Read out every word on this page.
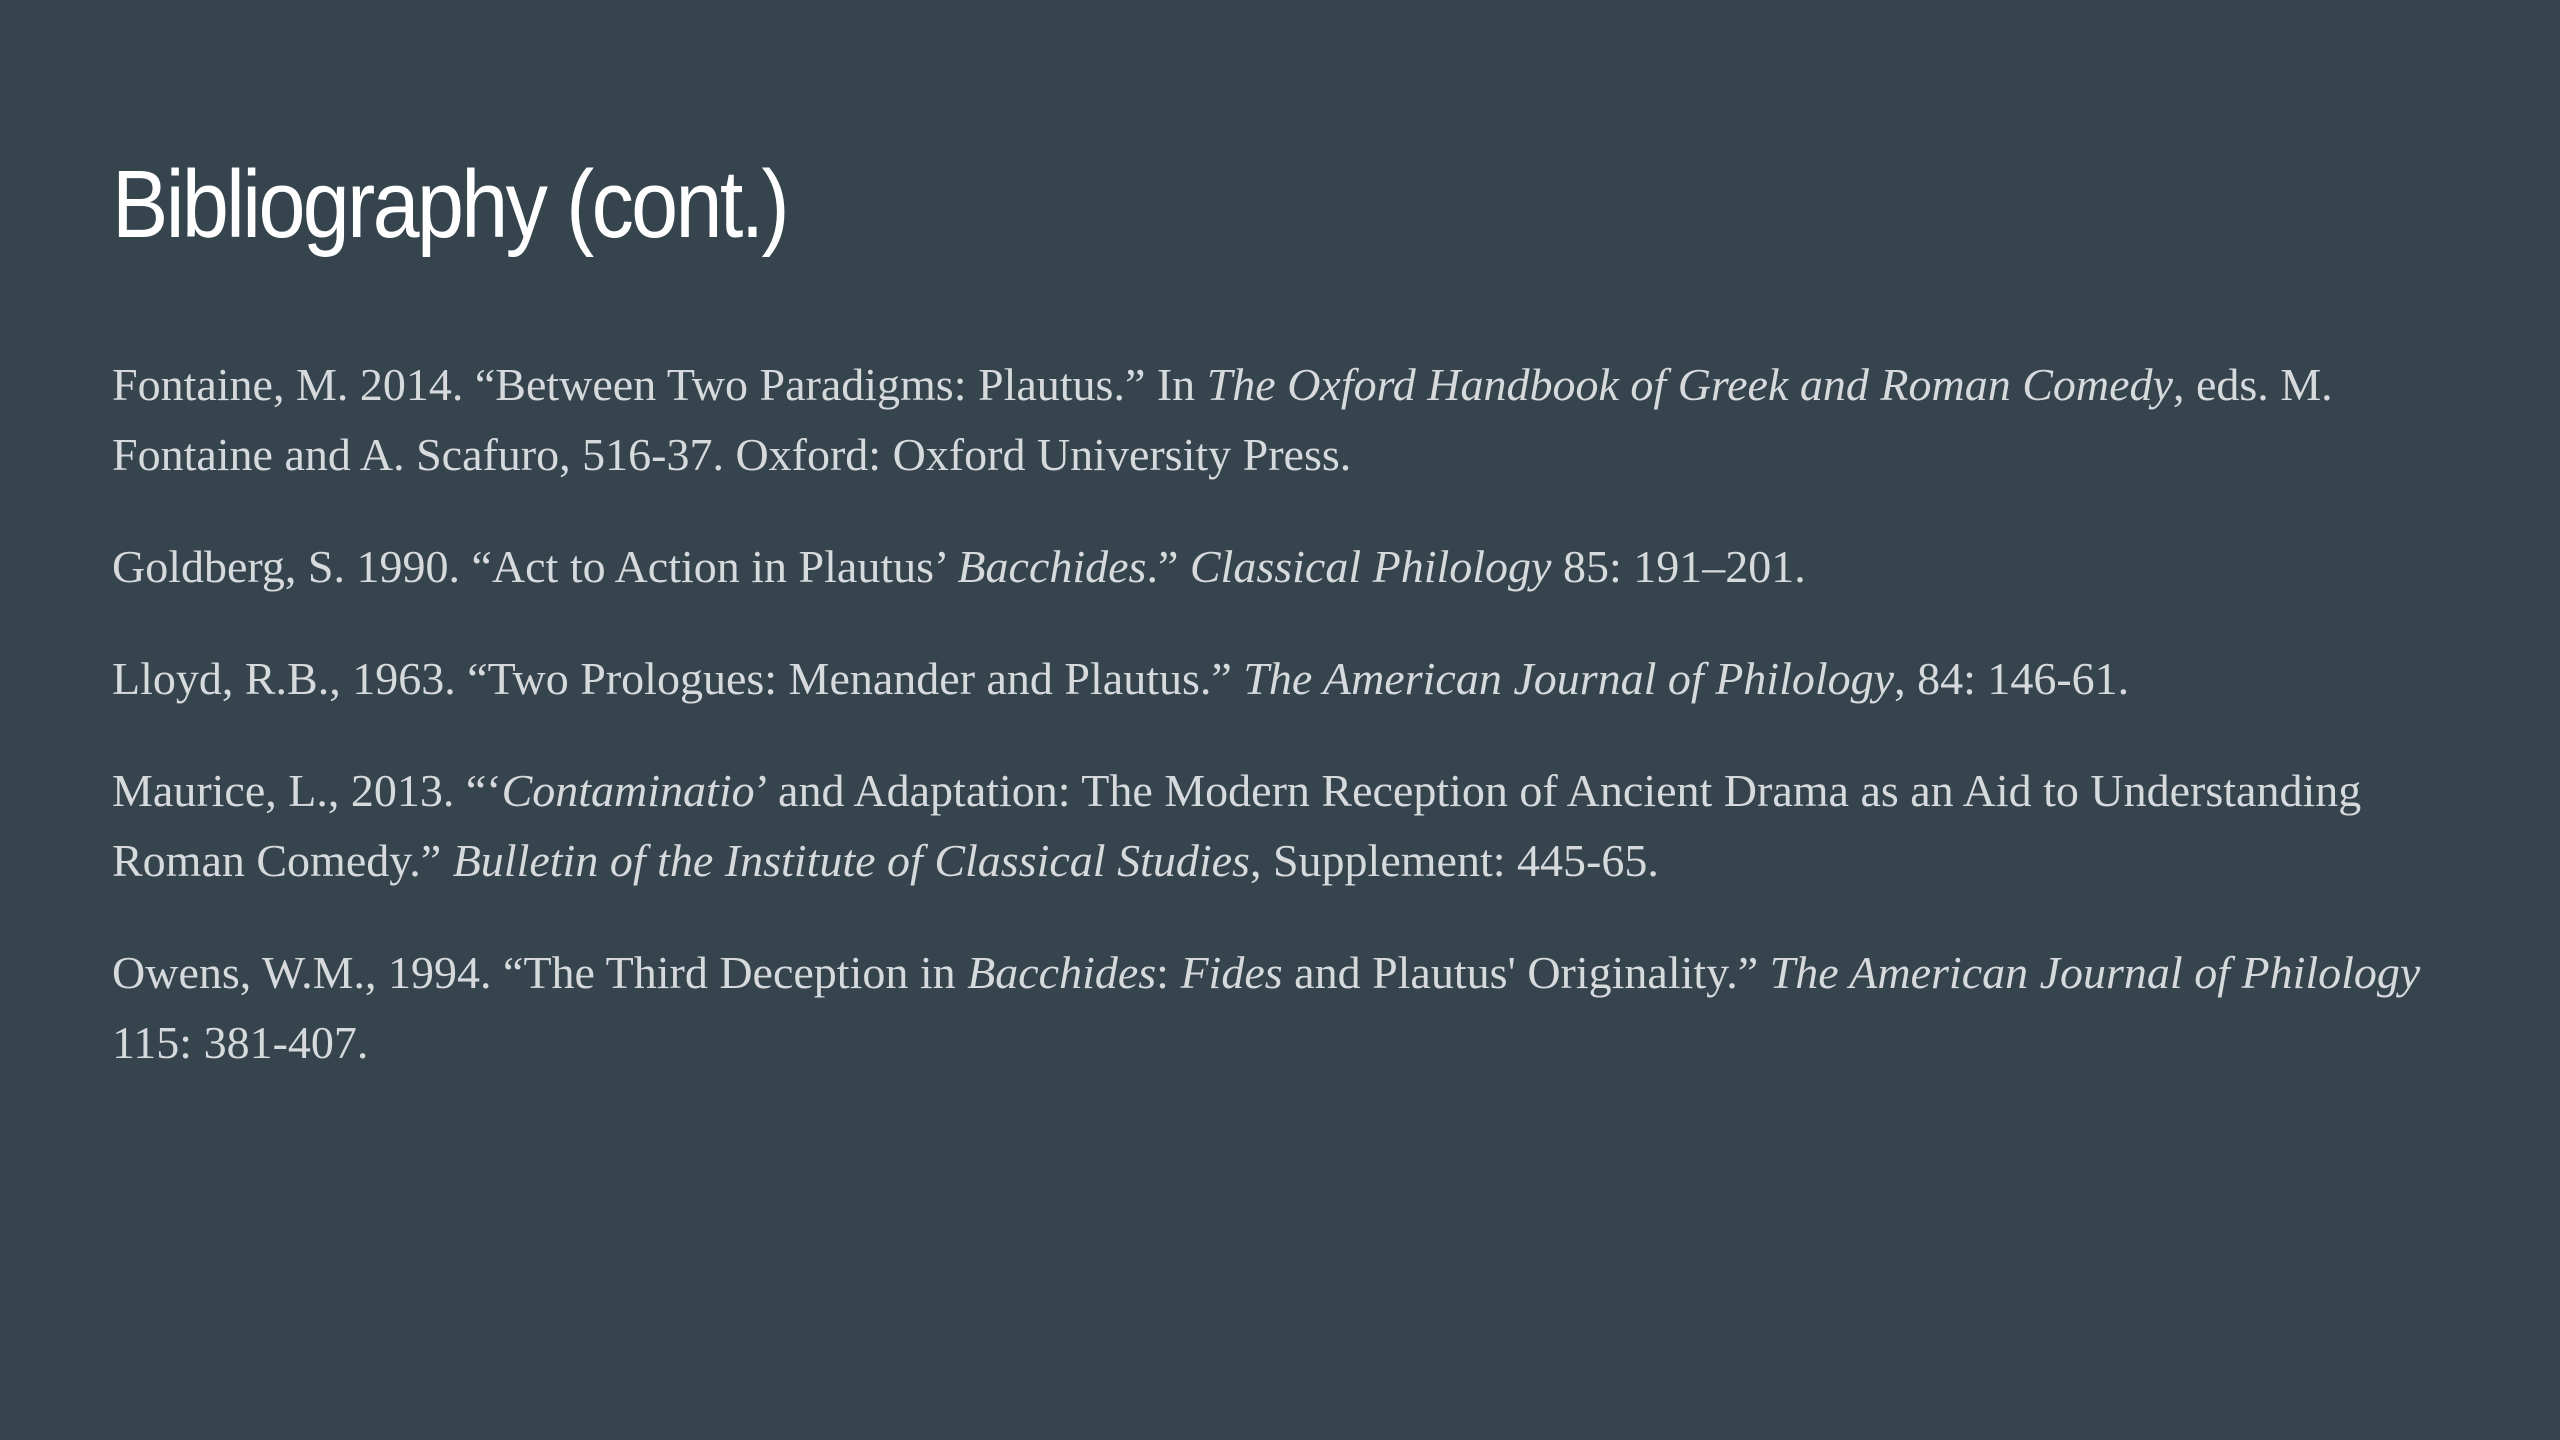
Bibliography (cont.)
Fontaine, M. 2014. “Between Two Paradigms: Plautus.” In The Oxford Handbook of Greek and Roman Comedy, eds. M. Fontaine and A. Scafuro, 516-37. Oxford: Oxford University Press.
Goldberg, S. 1990. “Act to Action in Plautus’ Bacchides.” Classical Philology 85: 191–201.
Lloyd, R.B., 1963. “Two Prologues: Menander and Plautus.” The American Journal of Philology, 84: 146-61.
Maurice, L., 2013. “‘Contaminatio’ and Adaptation: The Modern Reception of Ancient Drama as an Aid to Understanding Roman Comedy.” Bulletin of the Institute of Classical Studies, Supplement: 445-65.
Owens, W.M., 1994. “The Third Deception in Bacchides: Fides and Plautus' Originality.” The American Journal of Philology 115: 381-407.
